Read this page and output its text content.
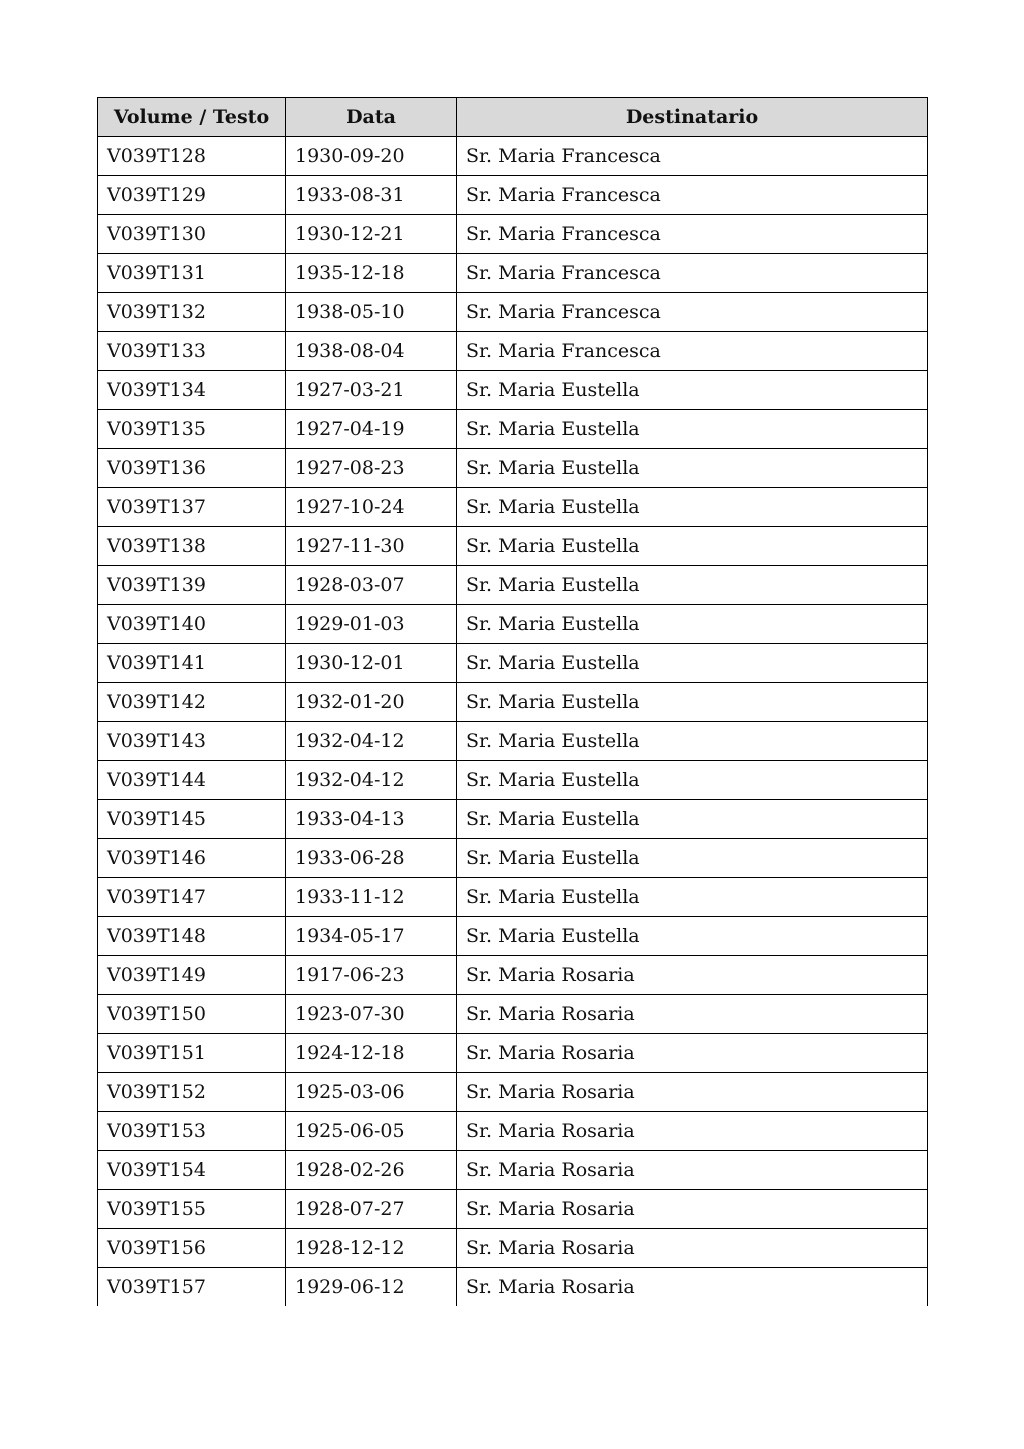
Volume / Testo	Data	Destinatario
V039T128	1930-09-20	Sr. Maria Francesca
V039T129	1933-08-31	Sr. Maria Francesca
V039T130	1930-12-21	Sr. Maria Francesca
V039T131	1935-12-18	Sr. Maria Francesca
V039T132	1938-05-10	Sr. Maria Francesca
V039T133	1938-08-04	Sr. Maria Francesca
V039T134	1927-03-21	Sr. Maria Eustella
V039T135	1927-04-19	Sr. Maria Eustella
V039T136	1927-08-23	Sr. Maria Eustella
V039T137	1927-10-24	Sr. Maria Eustella
V039T138	1927-11-30	Sr. Maria Eustella
V039T139	1928-03-07	Sr. Maria Eustella
V039T140	1929-01-03	Sr. Maria Eustella
V039T141	1930-12-01	Sr. Maria Eustella
V039T142	1932-01-20	Sr. Maria Eustella
V039T143	1932-04-12	Sr. Maria Eustella
V039T144	1932-04-12	Sr. Maria Eustella
V039T145	1933-04-13	Sr. Maria Eustella
V039T146	1933-06-28	Sr. Maria Eustella
V039T147	1933-11-12	Sr. Maria Eustella
V039T148	1934-05-17	Sr. Maria Eustella
V039T149	1917-06-23	Sr. Maria Rosaria
V039T150	1923-07-30	Sr. Maria Rosaria
V039T151	1924-12-18	Sr. Maria Rosaria
V039T152	1925-03-06	Sr. Maria Rosaria
V039T153	1925-06-05	Sr. Maria Rosaria
V039T154	1928-02-26	Sr. Maria Rosaria
V039T155	1928-07-27	Sr. Maria Rosaria
V039T156	1928-12-12	Sr. Maria Rosaria
V039T157	1929-06-12	Sr. Maria Rosaria
